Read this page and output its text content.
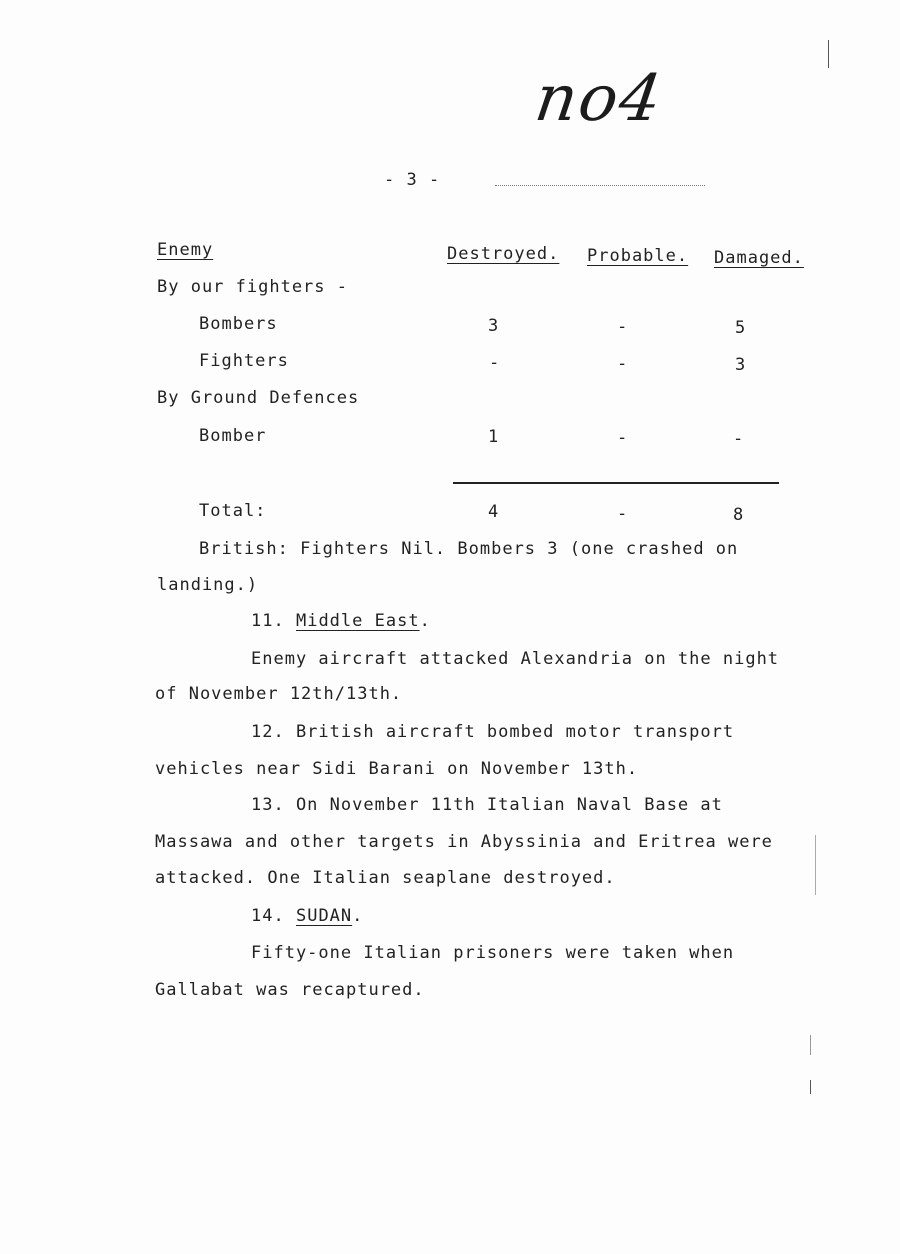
no4
- 3 -
Enemy	Destroyed. Probable. Damaged.
By our fighters -
Bombers	3	-	5
Fighters	-	-	3
By Ground Defences
Bomber	1	-	-
Total:	4	-	8
British: Fighters Nil. Bombers 3 (one crashed on
landing.)
11. Middle East.
Enemy aircraft attacked Alexandria on the night
of November 12th/13th.
12. British aircraft bombed motor transport
vehicles near Sidi Barani on November 13th.
13. On November 11th Italian Naval Base at
Massawa and other targets in Abyssinia and Eritrea were
attacked. One Italian seaplane destroyed.
14. SUDAN.
Fifty-one Italian prisoners were taken when
Gallabat was recaptured.
